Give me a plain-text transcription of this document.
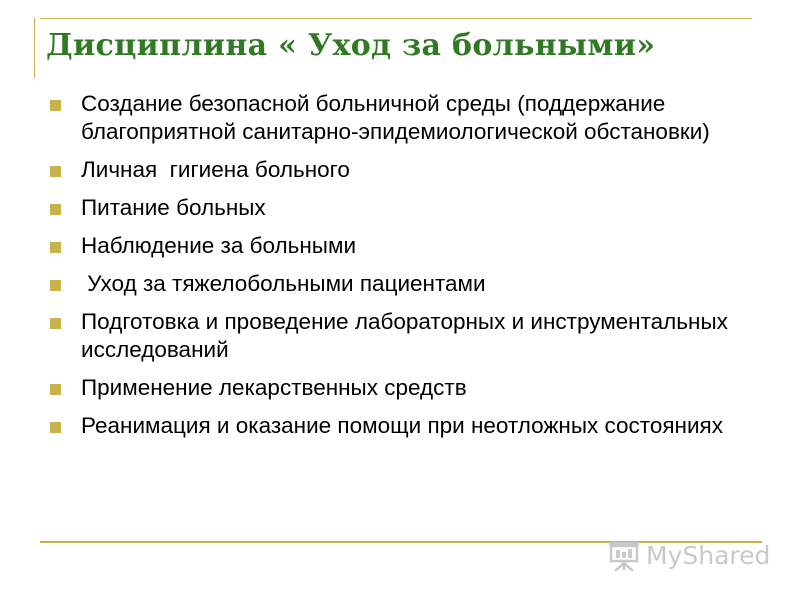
Дисциплина « Уход за больными»
Создание безопасной больничной среды (поддержание благоприятной санитарно-эпидемиологической обстановки)
Личная  гигиена больного
Питание больных
Наблюдение за больными
Уход за тяжелобольными пациентами
Подготовка и проведение лабораторных и инструментальных исследований
Применение лекарственных средств
Реанимация и оказание помощи при неотложных состояниях
MyShared
